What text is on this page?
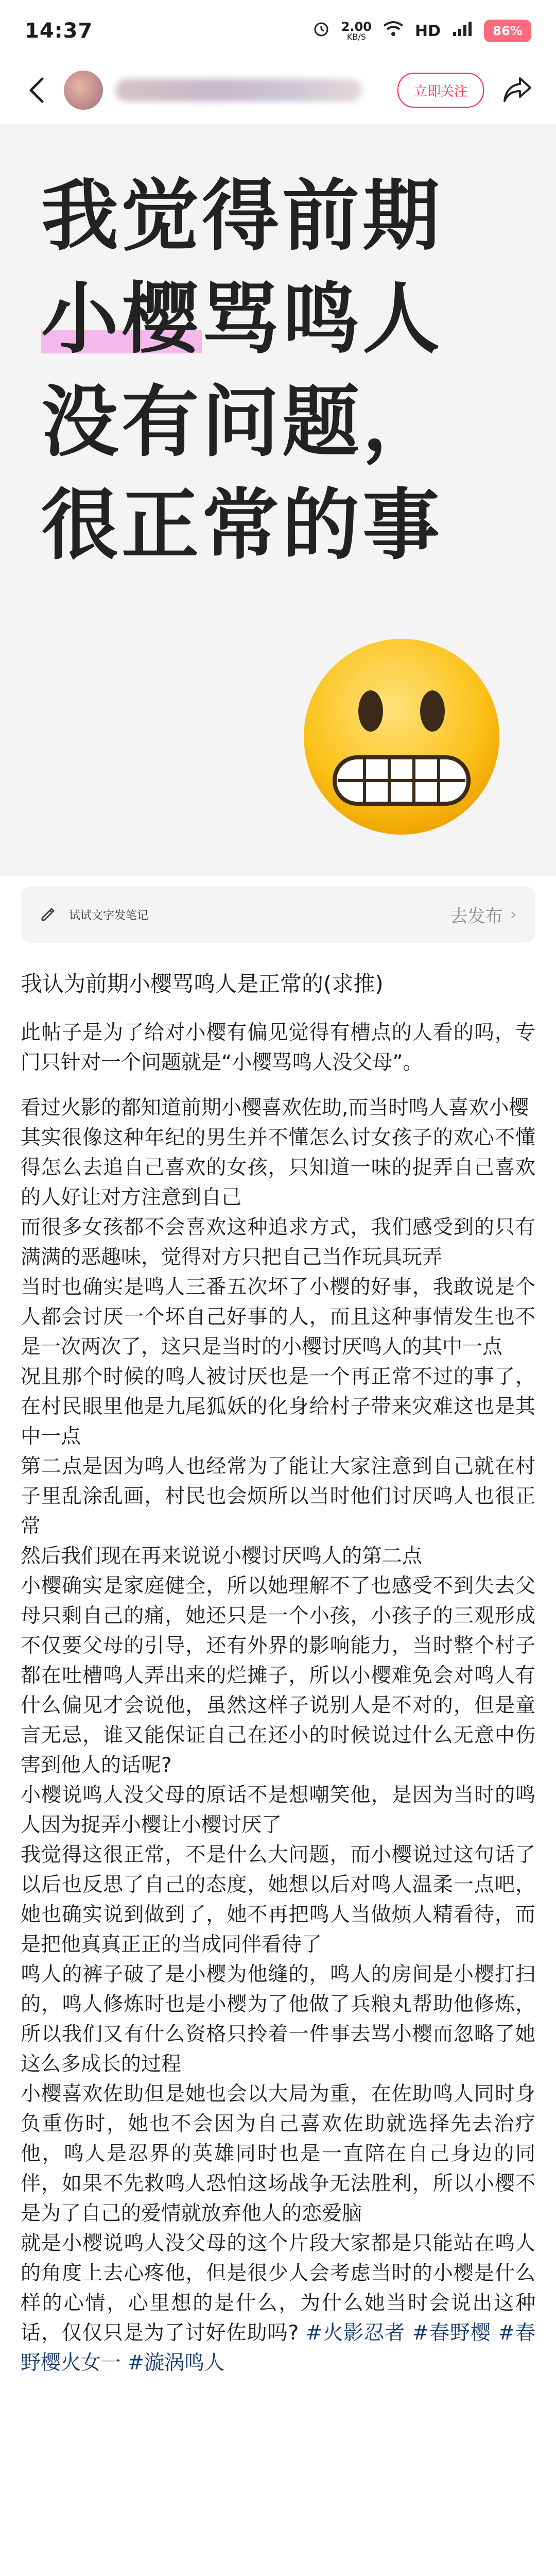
14:37	2.00
KB/S	HD	86%
立即关注
我觉得前期
小樱骂鸣人
没有问题，
很正常的事
试试文字发笔记	去发布 ›

我认为前期小樱骂鸣人是正常的(求推)

此帖子是为了给对小樱有偏见觉得有槽点的人看的吗，专门只针对一个问题就是“小樱骂鸣人没父母”。

看过火影的都知道前期小樱喜欢佐助,而当时鸣人喜欢小樱

其实很像这种年纪的男生并不懂怎么讨女孩子的欢心不懂得怎么去追自己喜欢的女孩，只知道一味的捉弄自己喜欢的人好让对方注意到自己

而很多女孩都不会喜欢这种追求方式，我们感受到的只有满满的恶趣味，觉得对方只把自己当作玩具玩弄

当时也确实是鸣人三番五次坏了小樱的好事，我敢说是个人都会讨厌一个坏自己好事的人，而且这种事情发生也不是一次两次了，这只是当时的小樱讨厌鸣人的其中一点

况且那个时候的鸣人被讨厌也是一个再正常不过的事了，在村民眼里他是九尾狐妖的化身给村子带来灾难这也是其中一点

第二点是因为鸣人也经常为了能让大家注意到自己就在村子里乱涂乱画，村民也会烦所以当时他们讨厌鸣人也很正常

然后我们现在再来说说小樱讨厌鸣人的第二点

小樱确实是家庭健全，所以她理解不了也感受不到失去父母只剩自己的痛，她还只是一个小孩，小孩子的三观形成不仅要父母的引导，还有外界的影响能力，当时整个村子都在吐槽鸣人弄出来的烂摊子，所以小樱难免会对鸣人有什么偏见才会说他，虽然这样子说别人是不对的，但是童言无忌，谁又能保证自己在还小的时候说过什么无意中伤害到他人的话呢?

小樱说鸣人没父母的原话不是想嘲笑他，是因为当时的鸣人因为捉弄小樱让小樱讨厌了

我觉得这很正常，不是什么大问题，而小樱说过这句话了以后也反思了自己的态度，她想以后对鸣人温柔一点吧，她也确实说到做到了，她不再把鸣人当做烦人精看待，而是把他真真正正的当成同伴看待了

鸣人的裤子破了是小樱为他缝的，鸣人的房间是小樱打扫的，鸣人修炼时也是小樱为了他做了兵粮丸帮助他修炼，所以我们又有什么资格只拎着一件事去骂小樱而忽略了她这么多成长的过程

小樱喜欢佐助但是她也会以大局为重，在佐助鸣人同时身负重伤时，她也不会因为自己喜欢佐助就选择先去治疗他，鸣人是忍界的英雄同时也是一直陪在自己身边的同伴，如果不先救鸣人恐怕这场战争无法胜利，所以小樱不是为了自己的爱情就放弃他人的恋爱脑

就是小樱说鸣人没父母的这个片段大家都是只能站在鸣人的角度上去心疼他，但是很少人会考虑当时的小樱是什么样的心情，心里想的是什么，为什么她当时会说出这种话，仅仅只是为了讨好佐助吗? #火影忍者 #春野樱 #春野樱火女一 #漩涡鸣人
